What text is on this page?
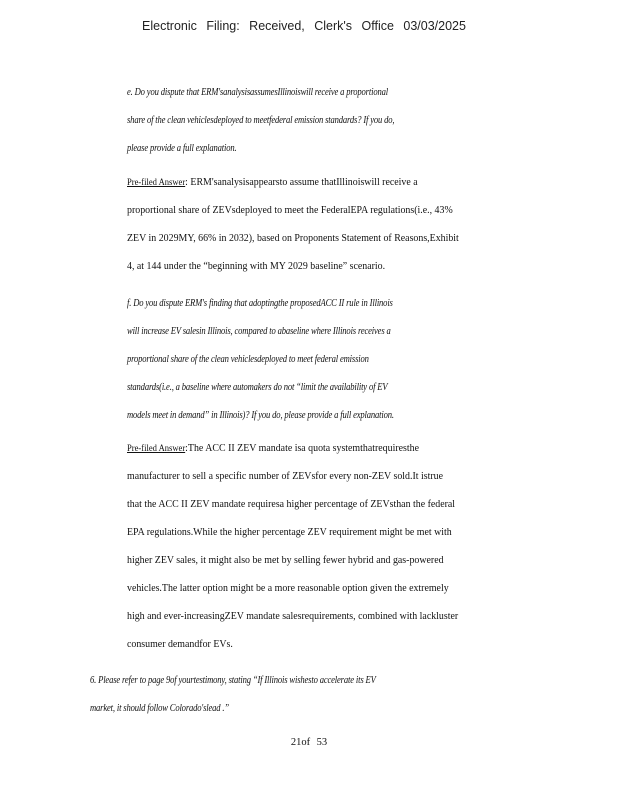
Electronic Filing: Received, Clerk's Office 03/03/2025
e. Do you dispute that ERM'sanalysisassumesIllinoiswill receive a proportional
share of the clean vehiclesdeployed to meetfederal emission standards? If you do,
please provide a full explanation.
Pre-filed Answer: ERM'sanalysisappearsto assume thatIllinoiswill receive a
proportional share of ZEVsdeployed to meet the FederalEPA regulations(i.e., 43%
ZEV in 2029MY, 66% in 2032), based on Proponents Statement of Reasons,Exhibit
4, at 144 under the “beginning with MY 2029 baseline” scenario.
f. Do you dispute ERM's finding that adoptingthe proposedACC II rule in Illinois
will increase EV salesin Illinois, compared to abaseline where Illinois receives a
proportional share of the clean vehiclesdeployed to meet federal emission
standards(i.e., a baseline where automakers do not “limit the availability of EV
models meet in demand” in Illinois)? If you do, please provide a full explanation.
Pre-filed Answer:The ACC II ZEV mandate isa quota systemthatrequiresthe
manufacturer to sell a specific number of ZEVsfor every non-ZEV sold.It istrue
that the ACC II ZEV mandate requiresa higher percentage of ZEVsthan the federal
EPA regulations.While the higher percentage ZEV requirement might be met with
higher ZEV sales, it might also be met by selling fewer hybrid and gas-powered
vehicles.The latter option might be a more reasonable option given the extremely
high and ever-increasingZEV mandate salesrequirements, combined with lackluster
consumer demandfor EVs.
6. Please refer to page 9of yourtestimony, stating “If Illinois wishesto accelerate its EV
market, it should follow Colorado'slead .”
21of 53
